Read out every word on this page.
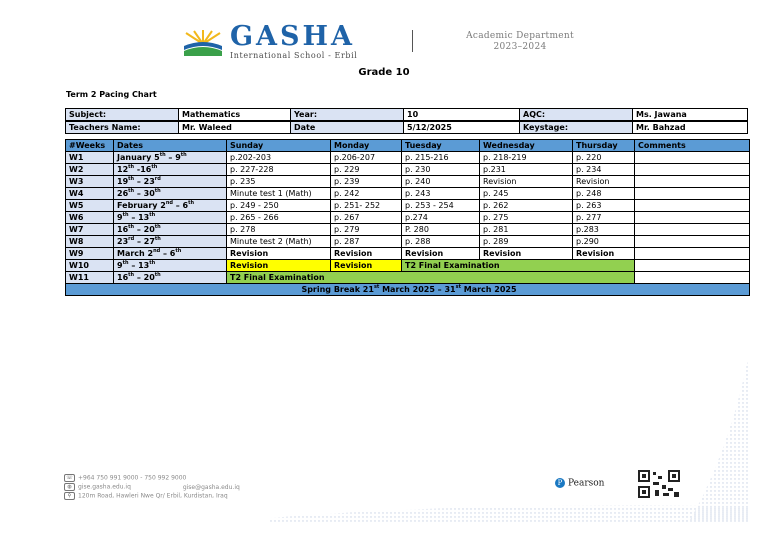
GASHA
International School - Erbil
Academic Department
2023–2024
Grade 10
Term 2 Pacing Chart
Subject:	Mathematics	Year:	10	AQC:	Ms. Jawana
Teachers Name:	Mr. Waleed	Date	5/12/2025	Keystage:	Mr. Bahzad
#Weeks	Dates	Sunday	Monday	Tuesday	Wednesday	Thursday	Comments
W1	January 5th – 9th	p.202-203	p.206-207	p. 215-216	p. 218-219	p. 220	
W2	12th -16th	p. 227-228	p. 229	p. 230	p.231	p. 234	
W3	19th – 23rd	p. 235	p. 239	p. 240	Revision	Revision	
W4	26th – 30th	Minute test 1 (Math)	p. 242	p. 243	p. 245	p. 248	
W5	February 2nd – 6th	p. 249 - 250	p. 251- 252	p. 253 - 254	p. 262	p. 263	
W6	9th – 13th	p. 265 - 266	p. 267	p.274	p. 275	p. 277	
W7	16th – 20th	p. 278	p. 279	P. 280	p. 281	p.283	
W8	23rd – 27th	Minute test 2 (Math)	p. 287	p. 288	p. 289	p.290	
W9	March 2nd – 6th	Revision	Revision	Revision	Revision	Revision	
W10	9th – 13th	Revision	Revision	T2 Final Examination			
W11	16th – 20th	T2 Final Examination					
Spring Break 21st March 2025 – 31st March 2025							
☏ +964 750 991 9000 - 750 992 9000
◍ gise.gasha.edu.iq	gise@gasha.edu.iq
⚲ 120m Road, Hawleri Nwe Qr/ Erbil, Kurdistan, Iraq
P Pearson
